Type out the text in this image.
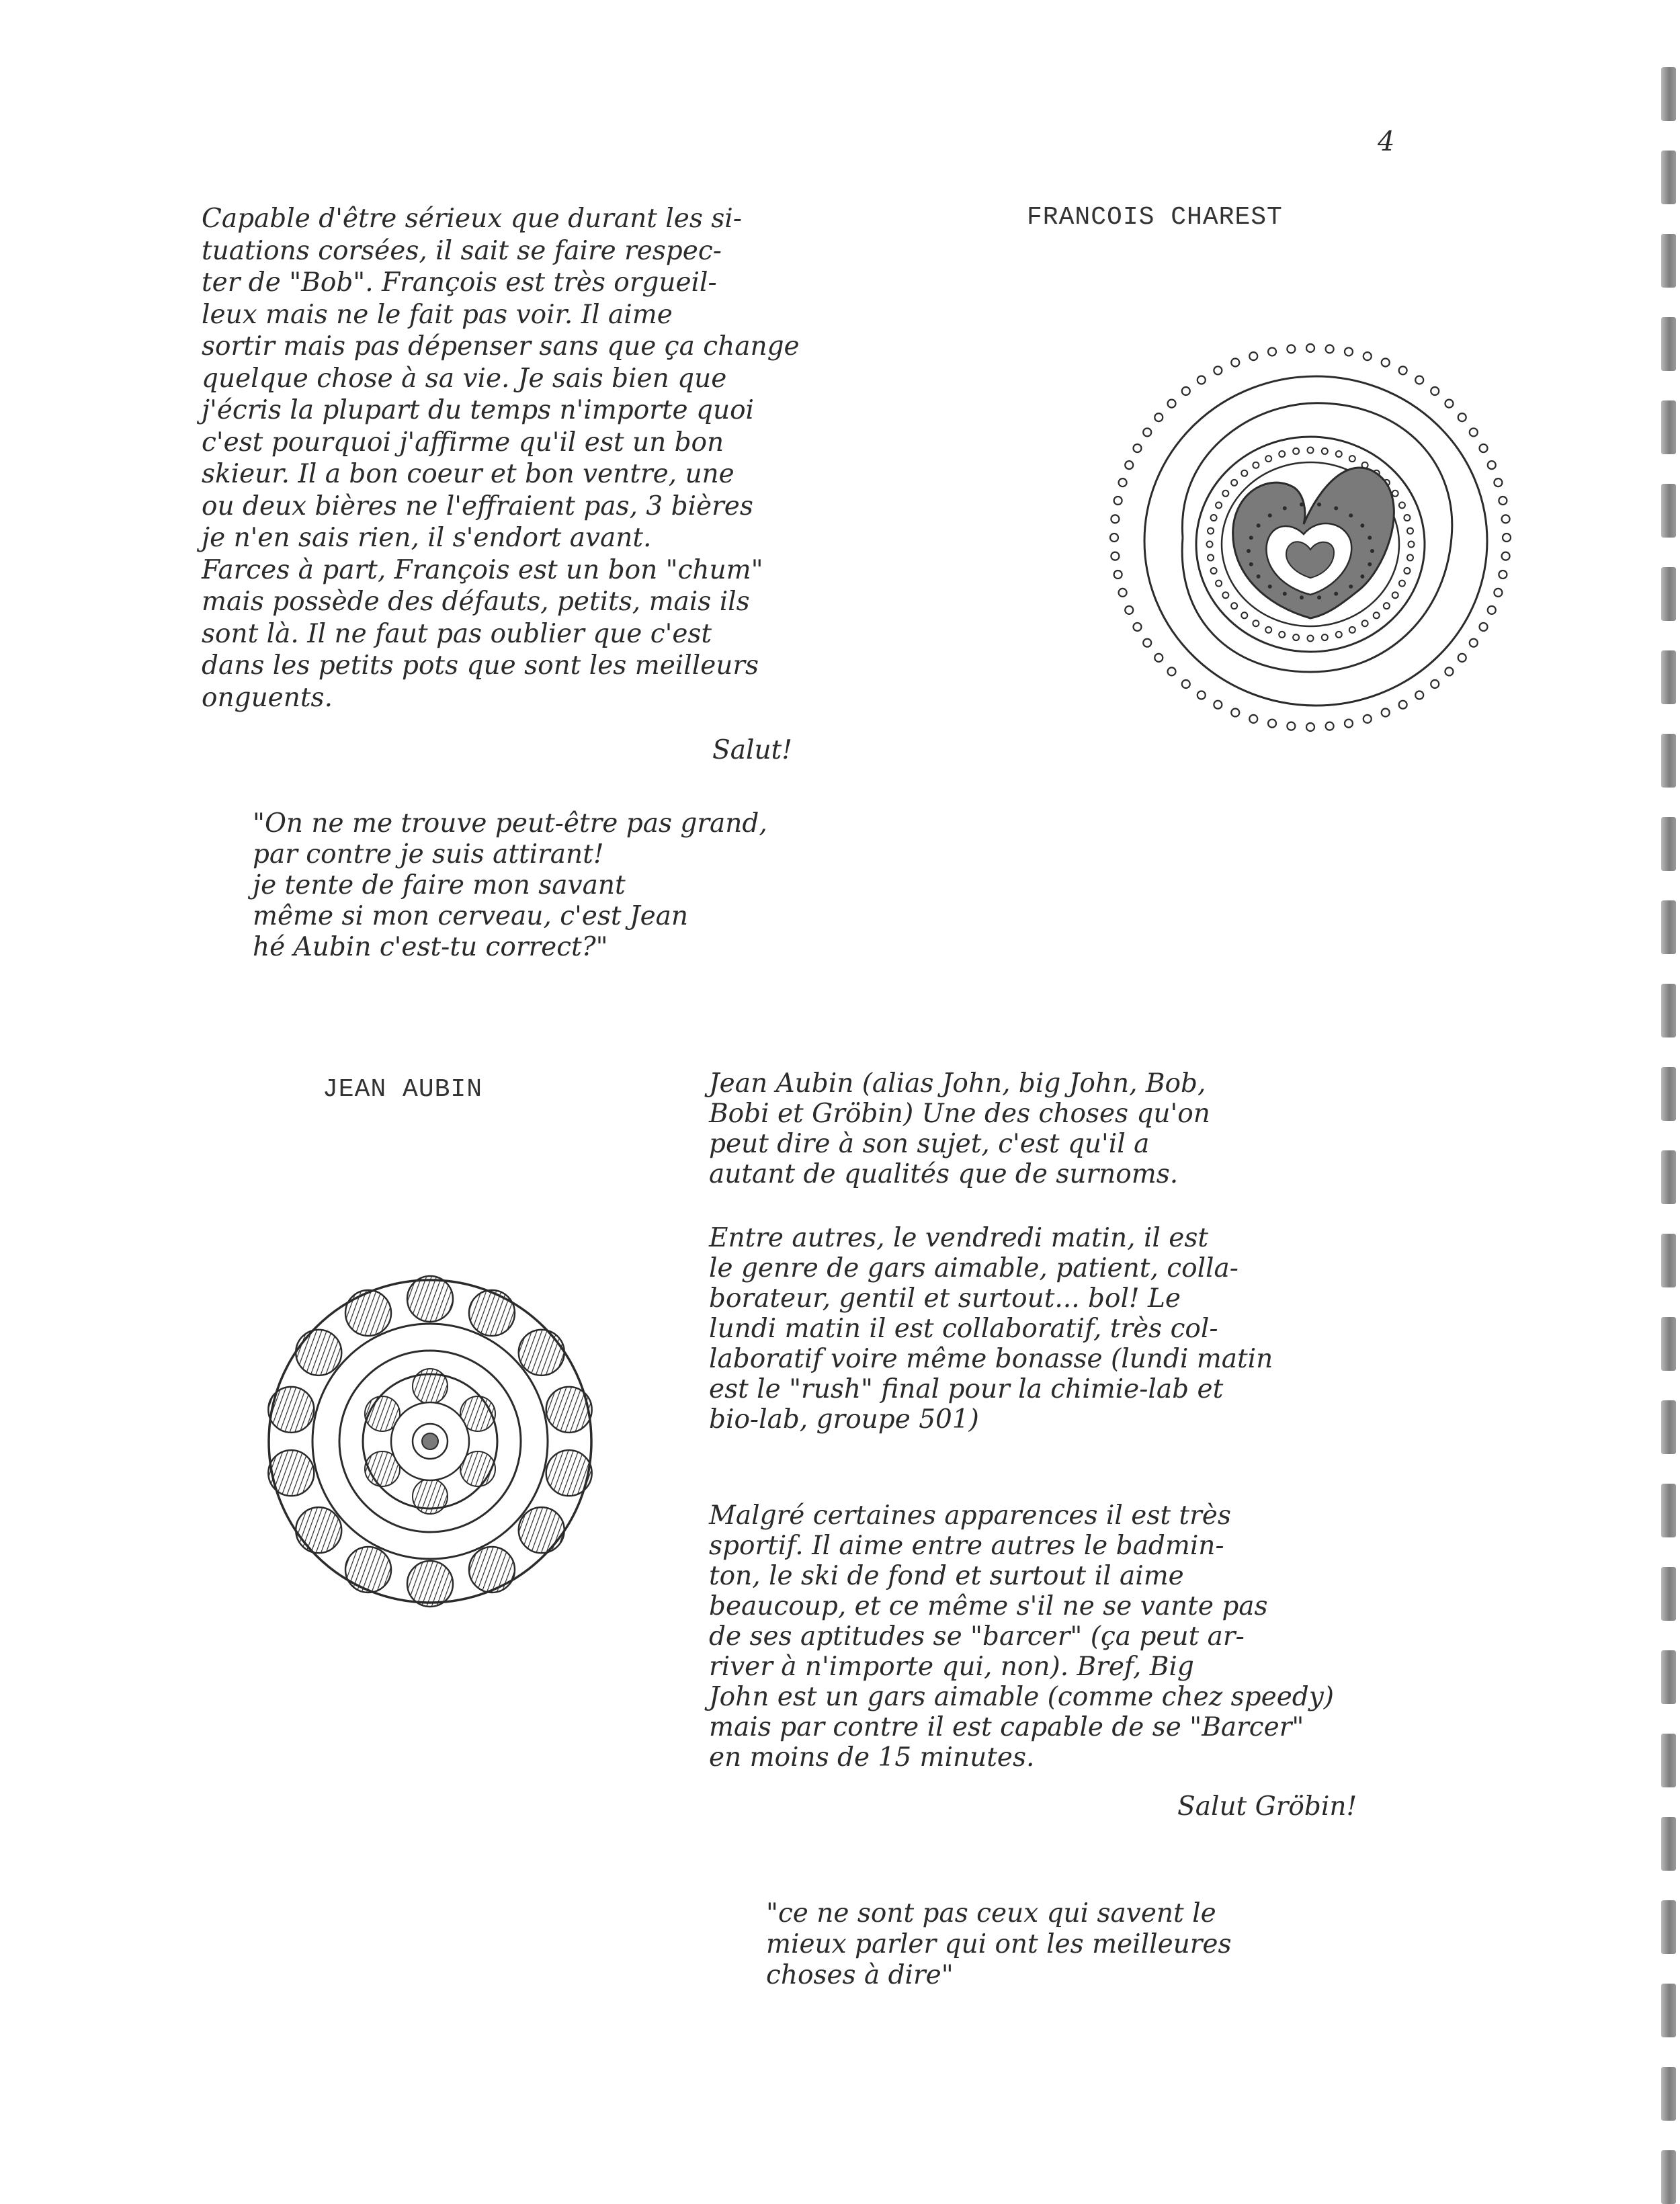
4
FRANCOIS CHAREST
Capable d'être sérieux que durant les si-
tuations corsées, il sait se faire respec-
ter de "Bob". François est très orgueil-
leux mais ne le fait pas voir. Il aime
sortir mais pas dépenser sans que ça change
quelque chose à sa vie. Je sais bien que
j'écris la plupart du temps n'importe quoi
c'est pourquoi j'affirme qu'il est un bon
skieur. Il a bon coeur et bon ventre, une
ou deux bières ne l'effraient pas, 3 bières
je n'en sais rien, il s'endort avant.
Farces à part, François est un bon "chum"
mais possède des défauts, petits, mais ils
sont là. Il ne faut pas oublier que c'est
dans les petits pots que sont les meilleurs
onguents.
Salut!
"On ne me trouve peut-être pas grand,
par contre je suis attirant!
je tente de faire mon savant
même si mon cerveau, c'est Jean
hé Aubin c'est-tu correct?"
JEAN AUBIN	Jean Aubin (alias John, big John, Bob,
Bobi et Gröbin) Une des choses qu'on
peut dire à son sujet, c'est qu'il a
autant de qualités que de surnoms.
Entre autres, le vendredi matin, il est
le genre de gars aimable, patient, colla-
borateur, gentil et surtout... bol! Le
lundi matin il est collaboratif, très col-
laboratif voire même bonasse (lundi matin
est le "rush" final pour la chimie-lab et
bio-lab, groupe 501)
Malgré certaines apparences il est très
sportif. Il aime entre autres le badmin-
ton, le ski de fond et surtout il aime
beaucoup, et ce même s'il ne se vante pas
de ses aptitudes se "barcer" (ça peut ar-
river à n'importe qui, non). Bref, Big
John est un gars aimable (comme chez speedy)
mais par contre il est capable de se "Barcer"
en moins de 15 minutes.
Salut Gröbin!
"ce ne sont pas ceux qui savent le
mieux parler qui ont les meilleures
choses à dire"
